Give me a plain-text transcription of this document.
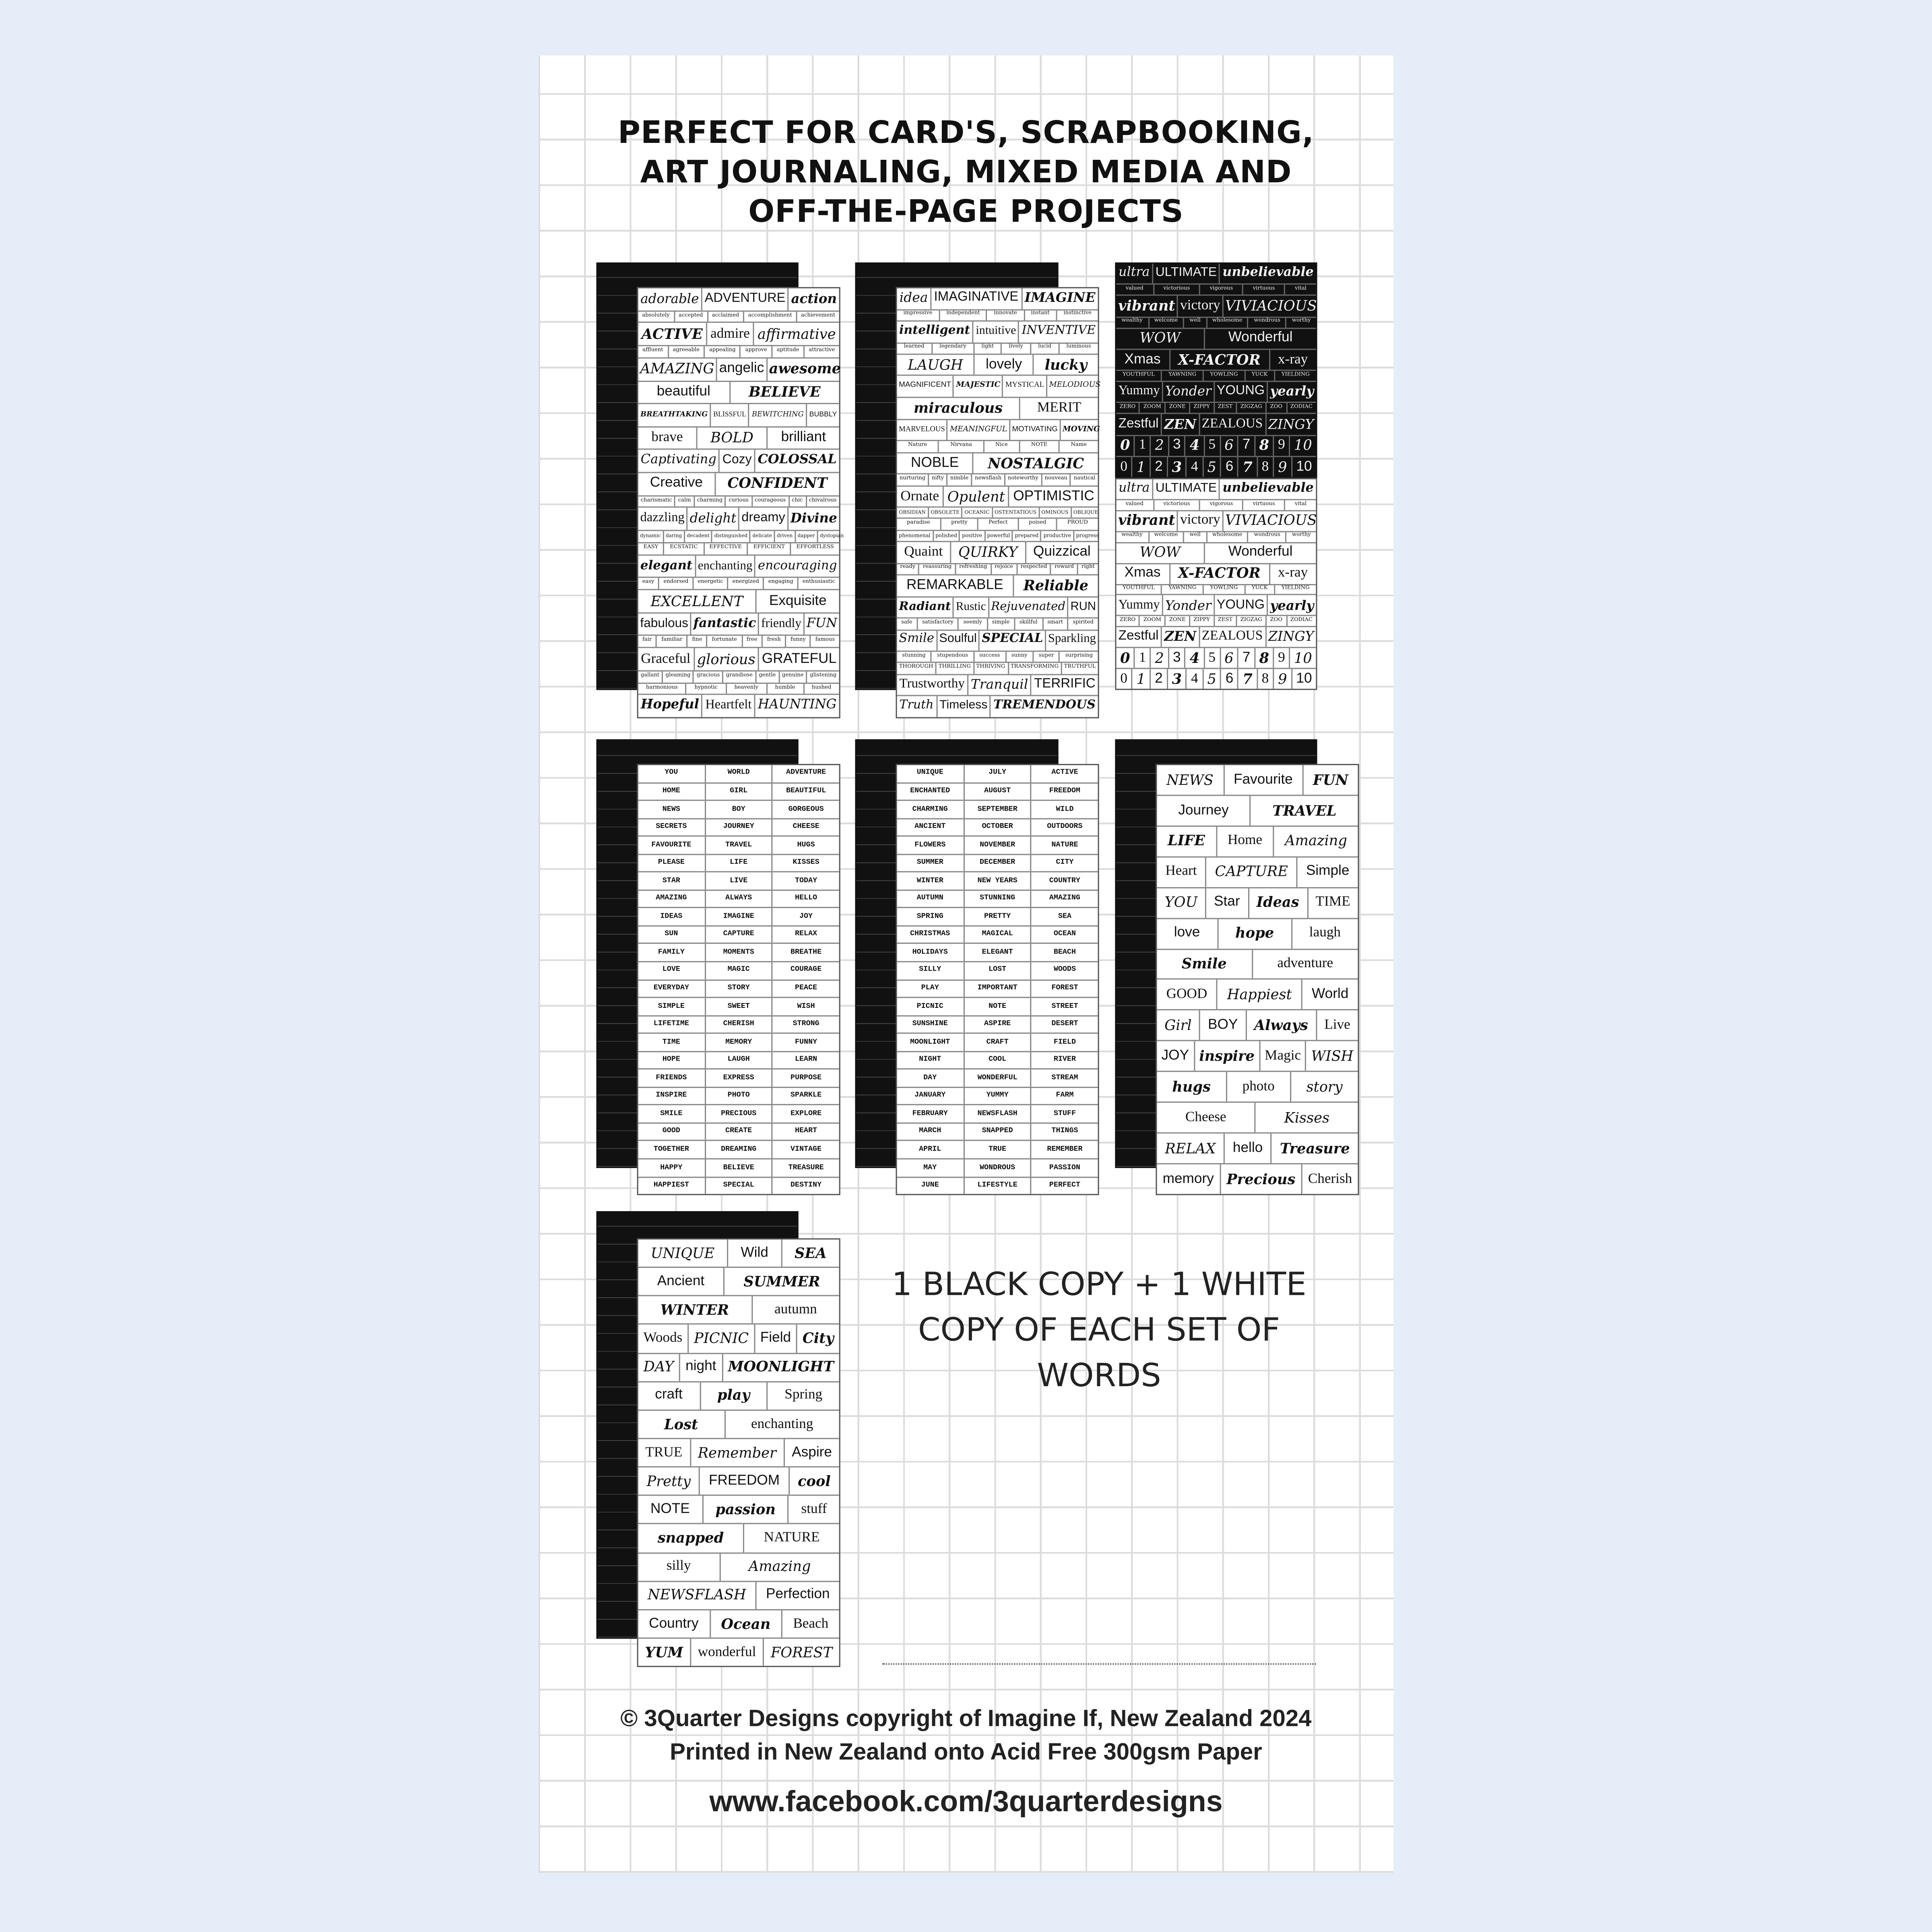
PERFECT FOR CARD'S, SCRAPBOOKING,
ART JOURNALING, MIXED MEDIA AND
OFF-THE-PAGE PROJECTS
adorable	ADVENTURE	action
absolutely	accepted	acclaimed	accomplishment	achievement
ACTIVE	admire	affirmative
affluent	agreeable	appealing	approve	aptitude	attractive
AMAZING	angelic	awesome
beautiful	BELIEVE
BREATHTAKING	BLISSFUL	BEWITCHING	BUBBLY
brave	BOLD	brilliant
Captivating	Cozy	COLOSSAL
Creative	CONFIDENT
charismatic	calm	charming	curious	courageous	chic	chivalrous
dazzling	delight	dreamy	Divine
dynamic	daring	decadent	distinguished	delicate	driven	dapper	dystopian
EASY	ECSTATIC	EFFECTIVE	EFFICIENT	EFFORTLESS
elegant	enchanting	encouraging
easy	endorsed	energetic	energized	engaging	enthusiastic
EXCELLENT	Exquisite
fabulous	fantastic	friendly	FUN
fair	familiar	fine	fortunate	free	fresh	funny	famous
Graceful	glorious	GRATEFUL
gallant	gleaming	gracious	grandiose	gentle	genuine	glistening
harmonious	hypnotic	heavenly	humble	hushed
Hopeful	Heartfelt	HAUNTING
idea	IMAGINATIVE	IMAGINE
impressive	independent	innovate	instant	instinctive
intelligent	intuitive	INVENTIVE
learned	legendary	light	lively	lucid	luminous
LAUGH	lovely	lucky
MAGNIFICENT	MAJESTIC	MYSTICAL	MELODIOUS
miraculous	MERIT
MARVELOUS	MEANINGFUL	MOTIVATING	MOVING
Nature	Nirvana	Nice	NOTE	Name
NOBLE	NOSTALGIC
nurturing	nifty	nimble	newsflash	noteworthy	nouveau	nautical
Ornate	Opulent	OPTIMISTIC
OBSIDIAN	OBSOLETE	OCEANIC	OSTENTATIOUS	OMINOUS	OBLIQUE
paradise	pretty	Perfect	poised	PROUD
phenomenal	polished	positive	powerful	prepared	productive	progress
Quaint	QUIRKY	Quizzical
ready	reassuring	refreshing	rejoice	respected	reward	right
REMARKABLE	Reliable
Radiant	Rustic	Rejuvenated	RUN
safe	satisfactory	seemly	simple	skillful	smart	spirited
Smile	Soulful	SPECIAL	Sparkling
stunning	stupendous	success	sunny	super	surprising
THOROUGH	THRILLING	THRIVING	TRANSFORMING	TRUTHFUL
Trustworthy	Tranquil	TERRIFIC
Truth	Timeless	TREMENDOUS
ultra	ULTIMATE	unbelievable
valued	victorious	vigorous	virtuous	vital
vibrant	victory	VIVIACIOUS
wealthy	welcome	well	wholesome	wondrous	worthy
WOW	Wonderful
Xmas	X-FACTOR	x-ray
YOUTHFUL	YAWNING	YOWLING	YUCK	YIELDING
Yummy	Yonder	YOUNG	yearly
ZERO	ZOOM	ZONE	ZIPPY	ZEST	ZIGZAG	ZOO	ZODIAC
Zestful	ZEN	ZEALOUS	ZINGY
0	1	2	3	4	5	6	7	8	9	10
0	1	2	3	4	5	6	7	8	9	10
ultra	ULTIMATE	unbelievable
valued	victorious	vigorous	virtuous	vital
vibrant	victory	VIVIACIOUS
wealthy	welcome	well	wholesome	wondrous	worthy
WOW	Wonderful
Xmas	X-FACTOR	x-ray
YOUTHFUL	YAWNING	YOWLING	YUCK	YIELDING
Yummy	Yonder	YOUNG	yearly
ZERO	ZOOM	ZONE	ZIPPY	ZEST	ZIGZAG	ZOO	ZODIAC
Zestful	ZEN	ZEALOUS	ZINGY
0	1	2	3	4	5	6	7	8	9	10
0	1	2	3	4	5	6	7	8	9	10
YOU	WORLD	ADVENTURE
HOME	GIRL	BEAUTIFUL
NEWS	BOY	GORGEOUS
SECRETS	JOURNEY	CHEESE
FAVOURITE	TRAVEL	HUGS
PLEASE	LIFE	KISSES
STAR	LIVE	TODAY
AMAZING	ALWAYS	HELLO
IDEAS	IMAGINE	JOY
SUN	CAPTURE	RELAX
FAMILY	MOMENTS	BREATHE
LOVE	MAGIC	COURAGE
EVERYDAY	STORY	PEACE
SIMPLE	SWEET	WISH
LIFETIME	CHERISH	STRONG
TIME	MEMORY	FUNNY
HOPE	LAUGH	LEARN
FRIENDS	EXPRESS	PURPOSE
INSPIRE	PHOTO	SPARKLE
SMILE	PRECIOUS	EXPLORE
GOOD	CREATE	HEART
TOGETHER	DREAMING	VINTAGE
HAPPY	BELIEVE	TREASURE
HAPPIEST	SPECIAL	DESTINY
UNIQUE	JULY	ACTIVE
ENCHANTED	AUGUST	FREEDOM
CHARMING	SEPTEMBER	WILD
ANCIENT	OCTOBER	OUTDOORS
FLOWERS	NOVEMBER	NATURE
SUMMER	DECEMBER	CITY
WINTER	NEW YEARS	COUNTRY
AUTUMN	STUNNING	AMAZING
SPRING	PRETTY	SEA
CHRISTMAS	MAGICAL	OCEAN
HOLIDAYS	ELEGANT	BEACH
SILLY	LOST	WOODS
PLAY	IMPORTANT	FOREST
PICNIC	NOTE	STREET
SUNSHINE	ASPIRE	DESERT
MOONLIGHT	CRAFT	FIELD
NIGHT	COOL	RIVER
DAY	WONDERFUL	STREAM
JANUARY	YUMMY	FARM
FEBRUARY	NEWSFLASH	STUFF
MARCH	SNAPPED	THINGS
APRIL	TRUE	REMEMBER
MAY	WONDROUS	PASSION
JUNE	LIFESTYLE	PERFECT
NEWS	Favourite	FUN
Journey	TRAVEL
LIFE	Home	Amazing
Heart	CAPTURE	Simple
YOU	Star	Ideas	TIME
love	hope	laugh
Smile	adventure
GOOD	Happiest	World
Girl	BOY	Always	Live
JOY	inspire	Magic	WISH
hugs	photo	story
Cheese	Kisses
RELAX	hello	Treasure
memory	Precious	Cherish
UNIQUE	Wild	SEA
Ancient	SUMMER
WINTER	autumn
Woods	PICNIC	Field	City
DAY	night	MOONLIGHT
craft	play	Spring
Lost	enchanting
TRUE	Remember	Aspire
Pretty	FREEDOM	cool
NOTE	passion	stuff
snapped	NATURE
silly	Amazing
NEWSFLASH	Perfection
Country	Ocean	Beach
YUM	wonderful	FOREST
1 BLACK COPY + 1 WHITE
COPY OF EACH SET OF
WORDS
© 3Quarter Designs copyright of Imagine If, New Zealand 2024
Printed in New Zealand onto Acid Free 300gsm Paper
www.facebook.com/3quarterdesigns
